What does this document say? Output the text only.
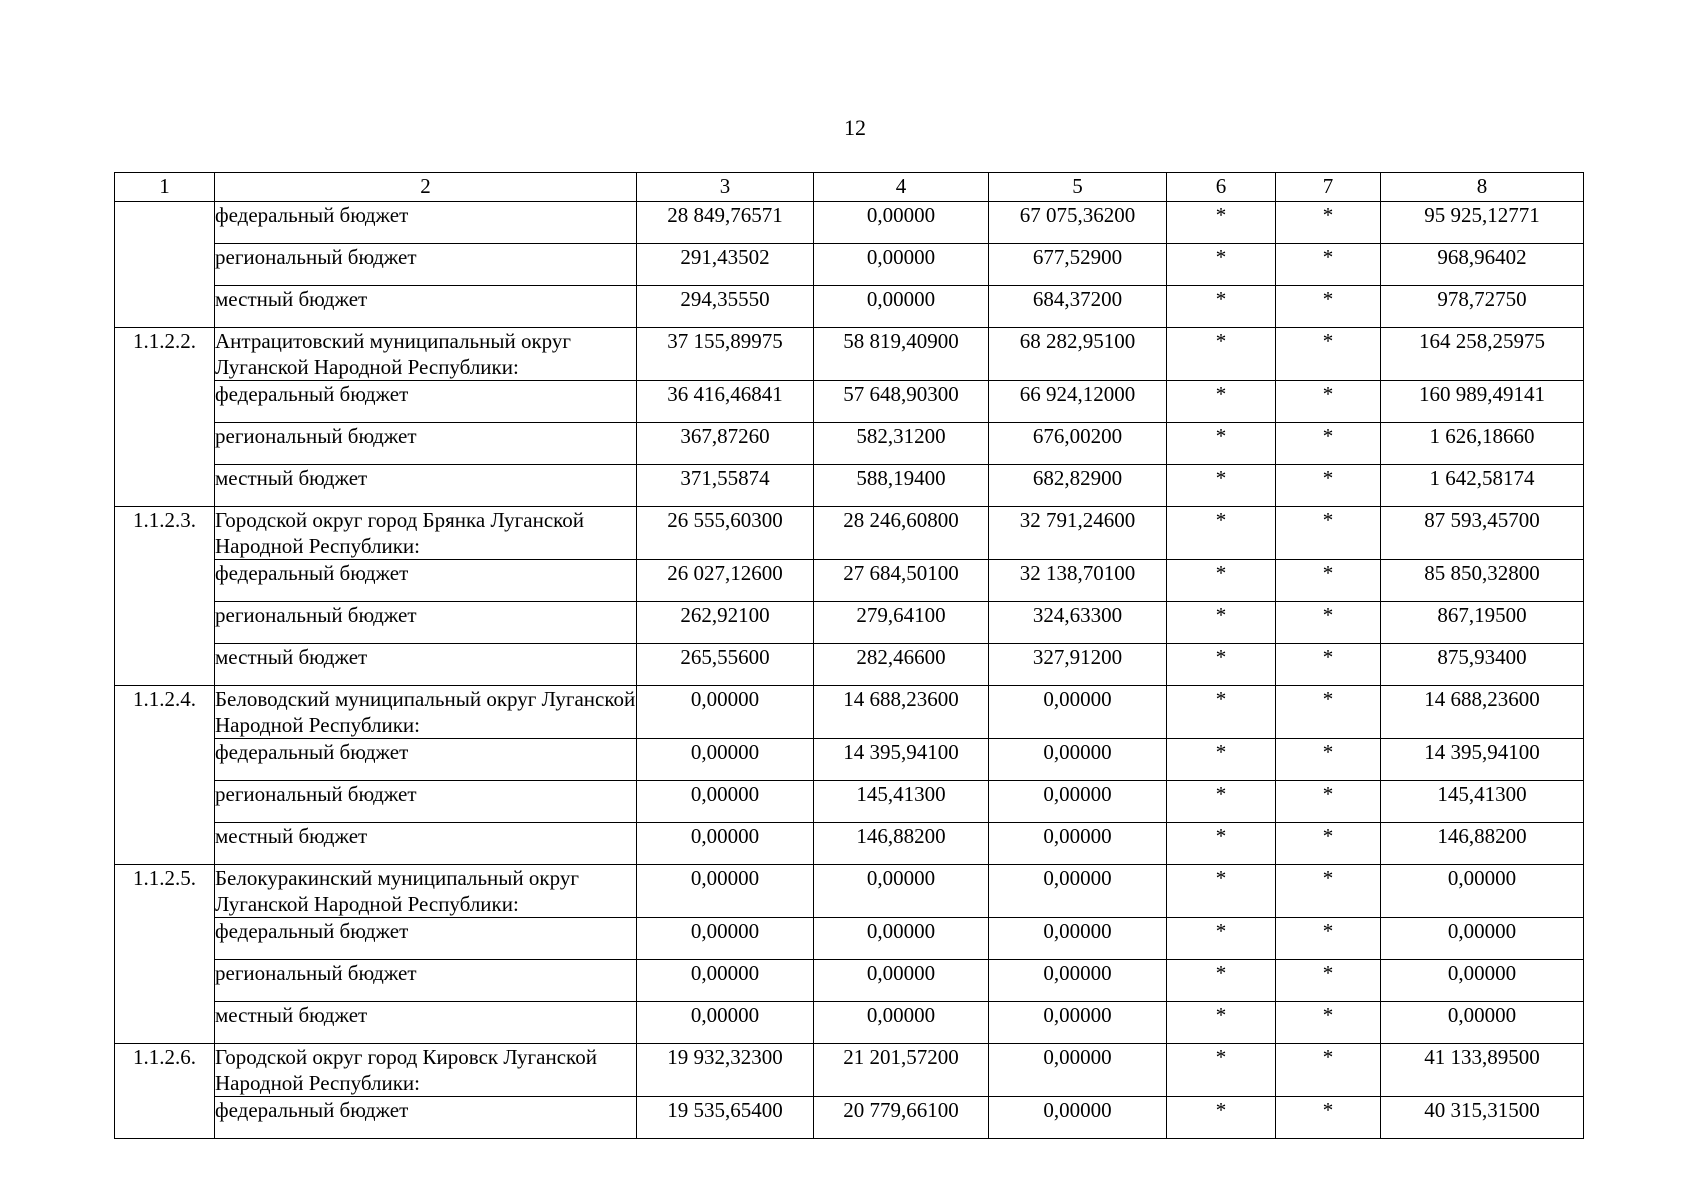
12
1	2	3	4	5	6	7	8
	федеральный бюджет	28 849,76571	0,00000	67 075,36200	*	*	95 925,12771
	региональный бюджет	291,43502	0,00000	677,52900	*	*	968,96402
	местный бюджет	294,35550	0,00000	684,37200	*	*	978,72750
1.1.2.2.	Антрацитовский муниципальный округ Луганской Народной Республики:	37 155,89975	58 819,40900	68 282,95100	*	*	164 258,25975
	федеральный бюджет	36 416,46841	57 648,90300	66 924,12000	*	*	160 989,49141
	региональный бюджет	367,87260	582,31200	676,00200	*	*	1 626,18660
	местный бюджет	371,55874	588,19400	682,82900	*	*	1 642,58174
1.1.2.3.	Городской округ город Брянка Луганской Народной Республики:	26 555,60300	28 246,60800	32 791,24600	*	*	87 593,45700
	федеральный бюджет	26 027,12600	27 684,50100	32 138,70100	*	*	85 850,32800
	региональный бюджет	262,92100	279,64100	324,63300	*	*	867,19500
	местный бюджет	265,55600	282,46600	327,91200	*	*	875,93400
1.1.2.4.	Беловодский муниципальный округ Луганской Народной Республики:	0,00000	14 688,23600	0,00000	*	*	14 688,23600
	федеральный бюджет	0,00000	14 395,94100	0,00000	*	*	14 395,94100
	региональный бюджет	0,00000	145,41300	0,00000	*	*	145,41300
	местный бюджет	0,00000	146,88200	0,00000	*	*	146,88200
1.1.2.5.	Белокуракинский муниципальный округ Луганской Народной Республики:	0,00000	0,00000	0,00000	*	*	0,00000
	федеральный бюджет	0,00000	0,00000	0,00000	*	*	0,00000
	региональный бюджет	0,00000	0,00000	0,00000	*	*	0,00000
	местный бюджет	0,00000	0,00000	0,00000	*	*	0,00000
1.1.2.6.	Городской округ город Кировск Луганской Народной Республики:	19 932,32300	21 201,57200	0,00000	*	*	41 133,89500
	федеральный бюджет	19 535,65400	20 779,66100	0,00000	*	*	40 315,31500
